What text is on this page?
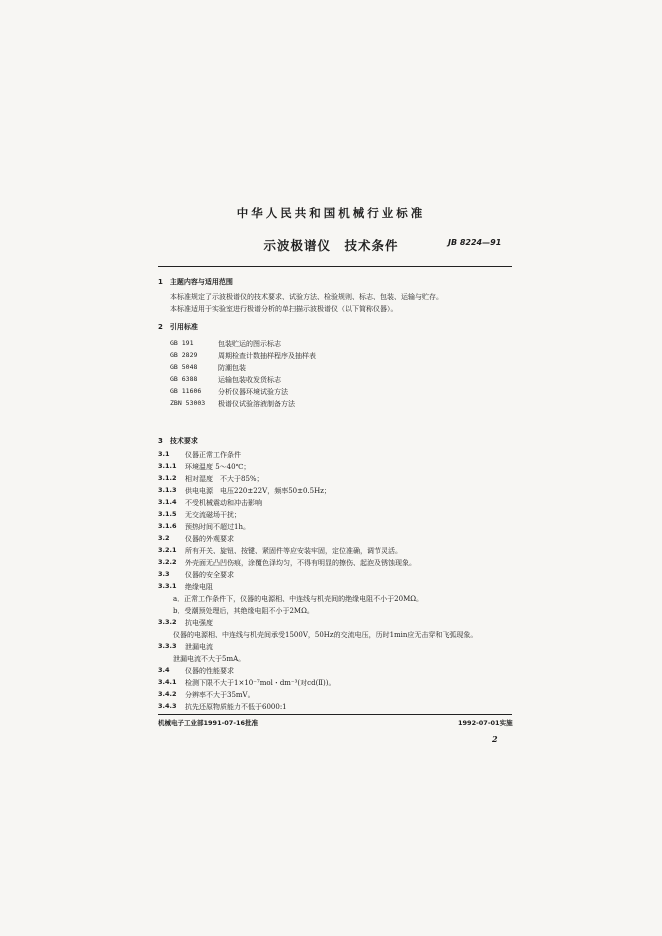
中华人民共和国机械行业标准
示波极谱仪　技术条件	JB 8224—91
1　主题内容与适用范围
本标准规定了示波极谱仪的技术要求、试验方法、检验规则、标志、包装、运输与贮存。
本标准适用于实验室进行极谱分析的单扫描示波极谱仪（以下简称仪器）。
2　引用标准
GB 191	包装贮运的图示标志
GB 2829	周期检查计数抽样程序及抽样表
GB 5048	防潮包装
GB 6388	运输包装收发货标志
GB 11606 分析仪器环境试验方法
ZBN 53003 极谱仪试验溶液制备方法
3　技术要求
3.1 仪器正常工作条件
3.1.1 环境温度 5～40℃；
3.1.2 相对湿度　不大于85%；
3.1.3 供电电源　电压220±22V，频率50±0.5Hz；
3.1.4 不受机械震动和冲击影响
3.1.5 无交流磁场干扰；
3.1.6 预热时间不超过1h。
3.2 仪器的外观要求
3.2.1 所有开关、旋钮、按键、紧固件等应安装牢固，定位准确，调节灵活。
3.2.2 外壳面无凸凹伤痕，涂覆色泽均匀，不得有明显的擦伤、起泡及锈蚀现象。
3.3 仪器的安全要求
3.3.1 绝缘电阻
a．正常工作条件下，仪器的电源相、中连线与机壳间的绝缘电阻不小于20MΩ。
b．受潮预处理后，其绝缘电阻不小于2MΩ。
3.3.2 抗电强度
仪器的电源相、中连线与机壳间承受1500V，50Hz的交流电压，历时1min应无击穿和飞弧现象。
3.3.3 泄漏电流
泄漏电流不大于5mA。
3.4 仪器的性能要求
3.4.1 检测下限不大于1×10⁻⁷mol・dm⁻³(对cd(Ⅱ))。
3.4.2 分辨率不大于35mV。
3.4.3 抗先还原物质能力不低于6000:1
机械电子工业部1991-07-16批准	1992-07-01实施
2
